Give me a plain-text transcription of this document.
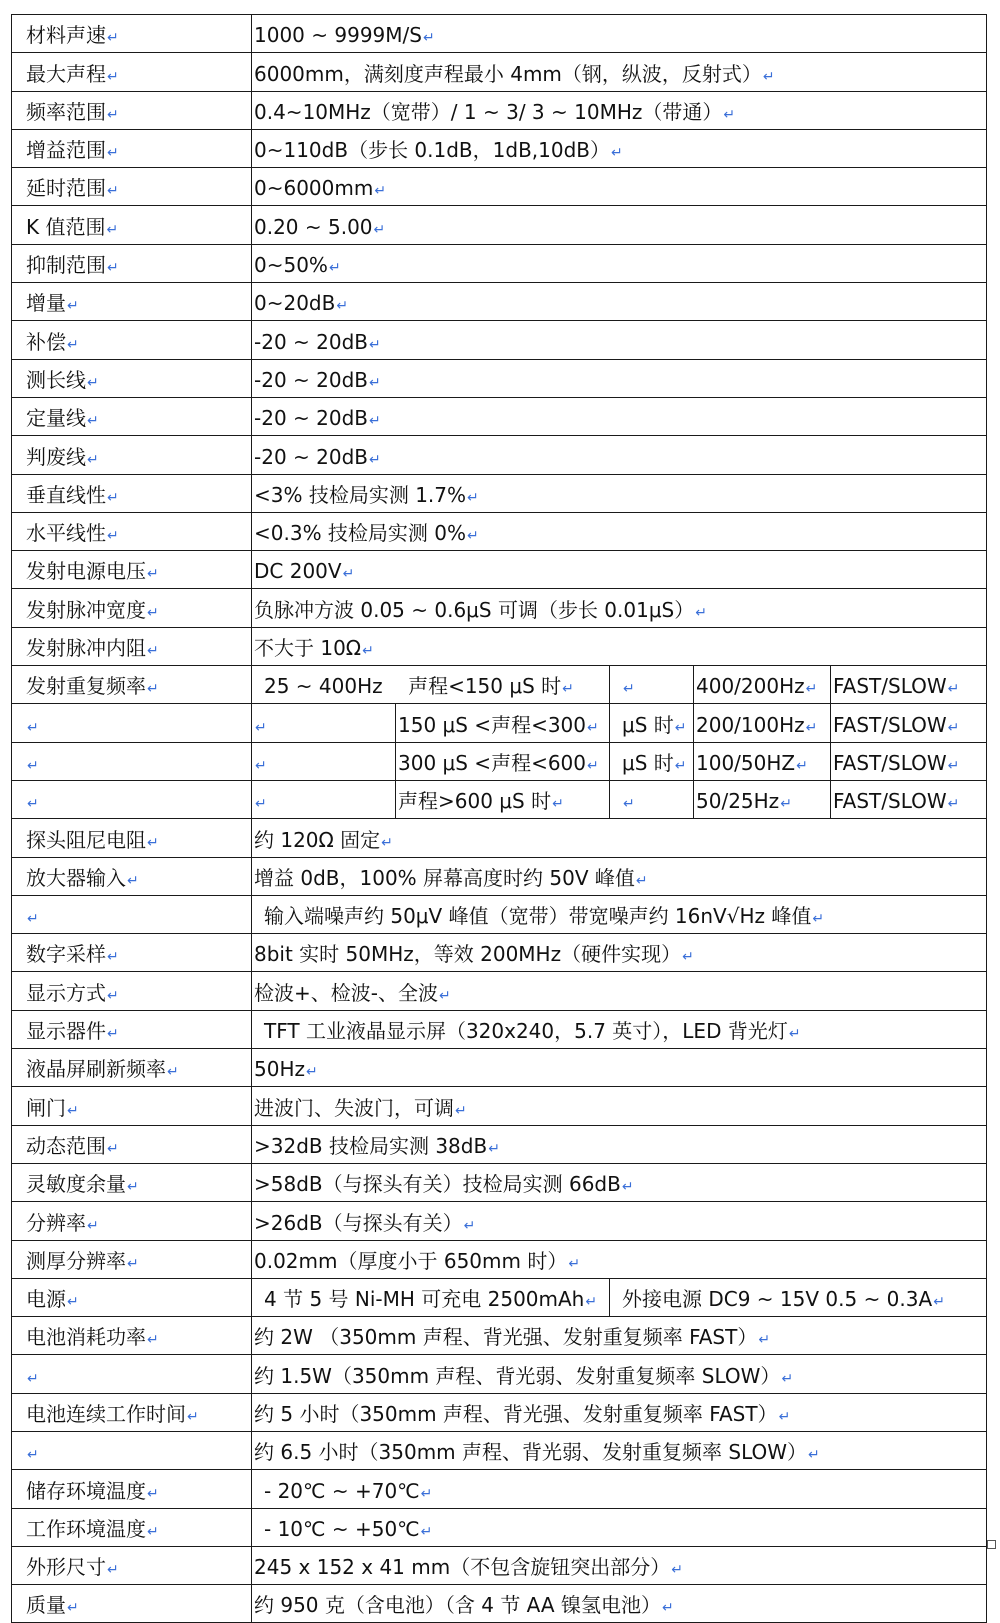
材料声速↵	1000 ~ 9999M/S↵				
最大声程↵	6000mm，满刻度声程最小 4mm（钢，纵波，反射式）↵				
频率范围↵	0.4~10MHz（宽带）/ 1 ~ 3/ 3 ~ 10MHz（带通）↵				
增益范围↵	0~110dB（步长 0.1dB，1dB,10dB）↵				
延时范围↵	0~6000mm↵				
K 值范围↵	0.20 ~ 5.00↵				
抑制范围↵	0~50%↵				
增量↵	0~20dB↵				
补偿↵	-20 ~ 20dB↵				
测长线↵	-20 ~ 20dB↵				
定量线↵	-20 ~ 20dB↵				
判废线↵	-20 ~ 20dB↵				
垂直线性↵	<3% 技检局实测 1.7%↵				
水平线性↵	<0.3% 技检局实测 0%↵				
发射电源电压↵	DC 200V↵				
发射脉冲宽度↵	负脉冲方波 0.05 ~ 0.6μS 可调（步长 0.01μS）↵				
发射脉冲内阻↵	不大于 10Ω↵				
发射重复频率↵	25 ~ 400Hz 声程<150 μS 时↵		↵	400/200Hz↵	FAST/SLOW↵
↵	↵	150 μS <声程<300↵	μS 时↵	200/100Hz↵	FAST/SLOW↵
↵	↵	300 μS <声程<600↵	μS 时↵	100/50HZ↵	FAST/SLOW↵
↵	↵	声程>600 μS 时↵	↵	50/25Hz↵	FAST/SLOW↵
探头阻尼电阻↵	约 120Ω 固定↵				
放大器输入↵	增益 0dB，100% 屏幕高度时约 50V 峰值↵				
↵	输入端噪声约 50μV 峰值（宽带）带宽噪声约 16nV√Hz 峰值↵				
数字采样↵	8bit 实时 50MHz，等效 200MHz（硬件实现）↵				
显示方式↵	检波+、检波-、全波↵				
显示器件↵	TFT 工业液晶显示屏（320x240，5.7 英寸），LED 背光灯↵				
液晶屏刷新频率↵	50Hz↵				
闸门↵	进波门、失波门，可调↵				
动态范围↵	>32dB 技检局实测 38dB↵				
灵敏度余量↵	>58dB（与探头有关）技检局实测 66dB↵				
分辨率↵	>26dB（与探头有关）↵				
测厚分辨率↵	0.02mm（厚度小于 650mm 时）↵				
电源↵	4 节 5 号 Ni-MH 可充电 2500mAh↵		外接电源 DC9 ~ 15V 0.5 ~ 0.3A↵		
电池消耗功率↵	约 2W （350mm 声程、背光强、发射重复频率 FAST）↵				
↵	约 1.5W（350mm 声程、背光弱、发射重复频率 SLOW）↵				
电池连续工作时间↵	约 5 小时（350mm 声程、背光强、发射重复频率 FAST）↵				
↵	约 6.5 小时（350mm 声程、背光弱、发射重复频率 SLOW）↵				
储存环境温度↵	- 20℃ ~ +70℃↵				
工作环境温度↵	- 10℃ ~ +50℃↵				
外形尺寸↵	245 x 152 x 41 mm（不包含旋钮突出部分）↵				
质量↵	约 950 克（含电池）（含 4 节 AA 镍氢电池）↵				
